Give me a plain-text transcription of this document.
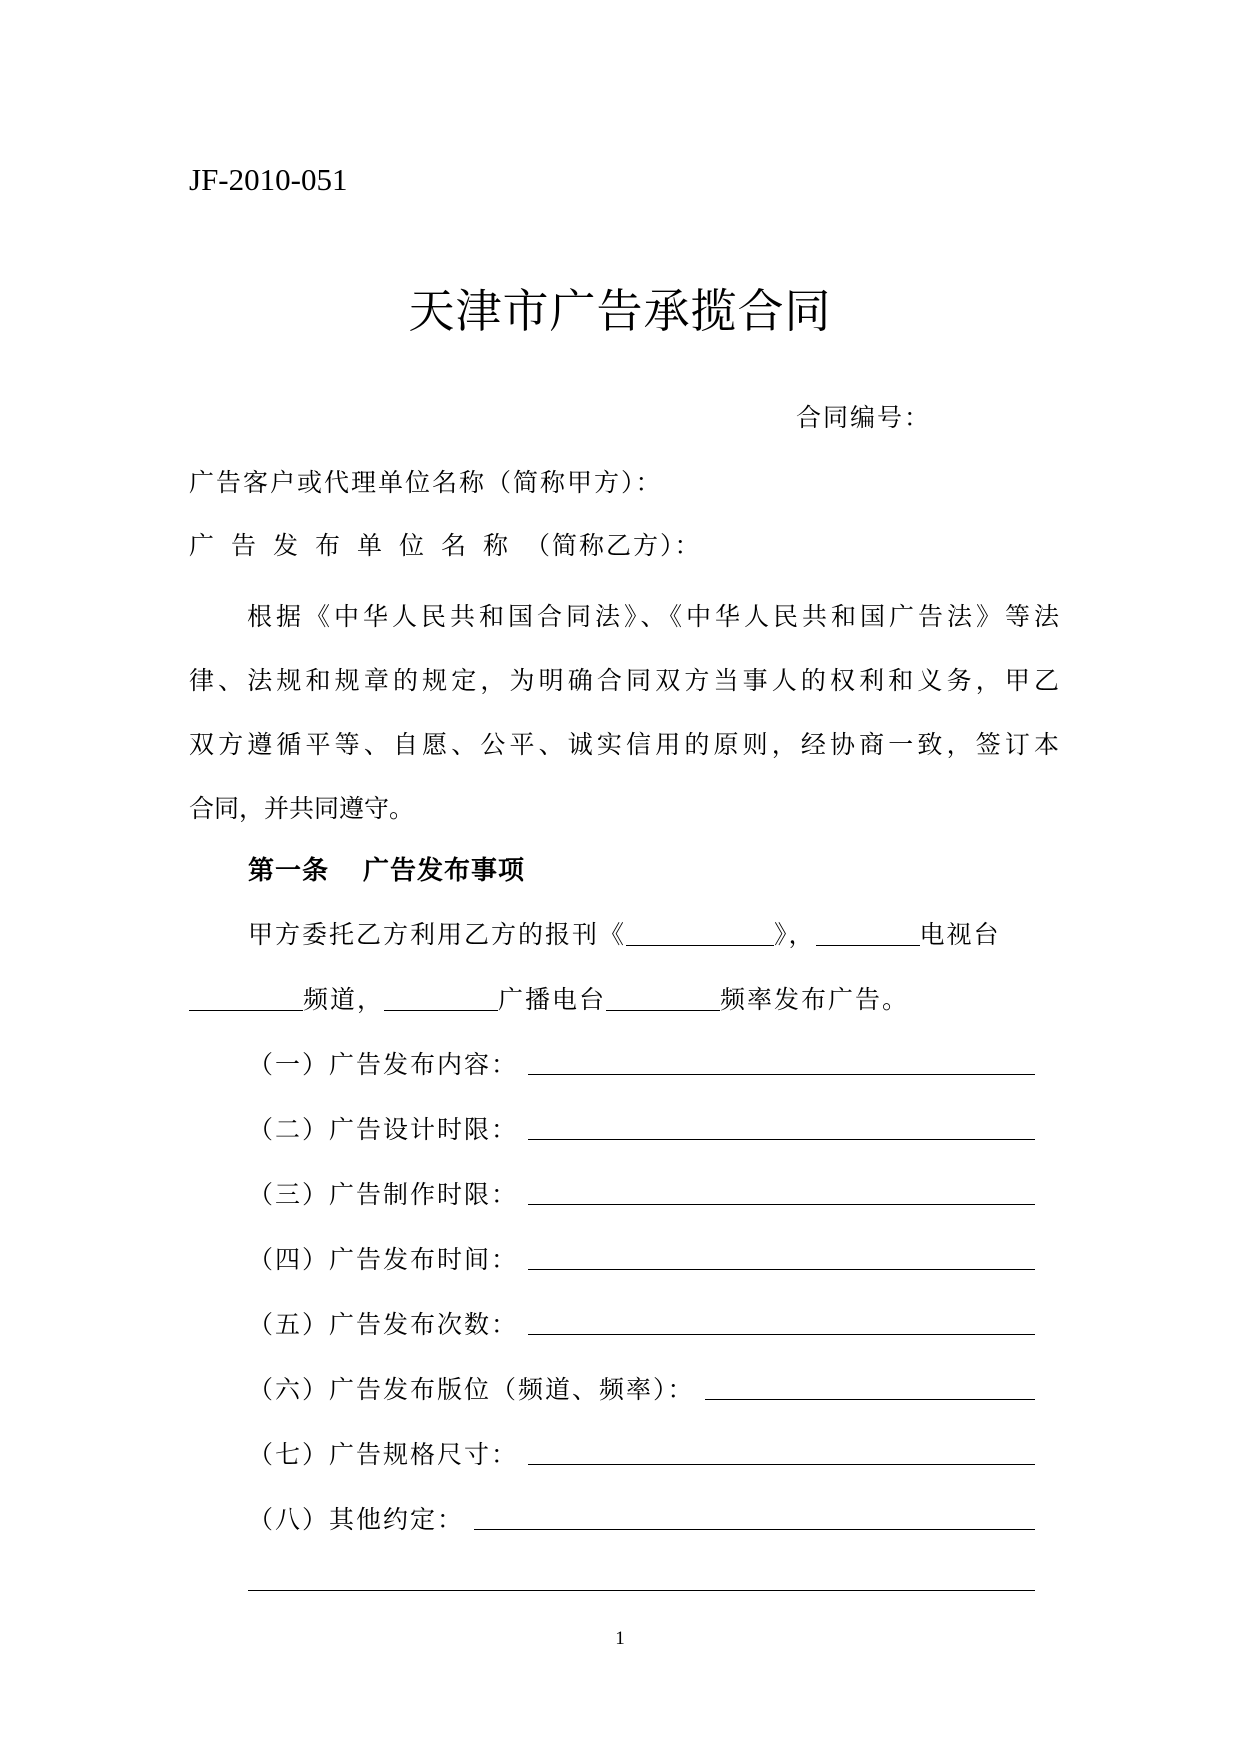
JF-2010-051
天津市广告承揽合同
合同编号：
广告客户或代理单位名称（简称甲方）：
广告发布单位名称（简称乙方）：
根据《中华人民共和国合同法》、《中华人民共和国广告法》等法
律、法规和规章的规定，为明确合同双方当事人的权利和义务，甲乙
双方遵循平等、自愿、公平、诚实信用的原则，经协商一致，签订本
合同，并共同遵守。
第一条 广告发布事项
甲方委托乙方利用乙方的报刊《	》，	电视台
频道，	广播电台	频率发布广告。
（一）广告发布内容：
（二）广告设计时限：
（三）广告制作时限：
（四）广告发布时间：
（五）广告发布次数：
（六）广告发布版位（频道、频率）：
（七）广告规格尺寸：
（八）其他约定：
1
